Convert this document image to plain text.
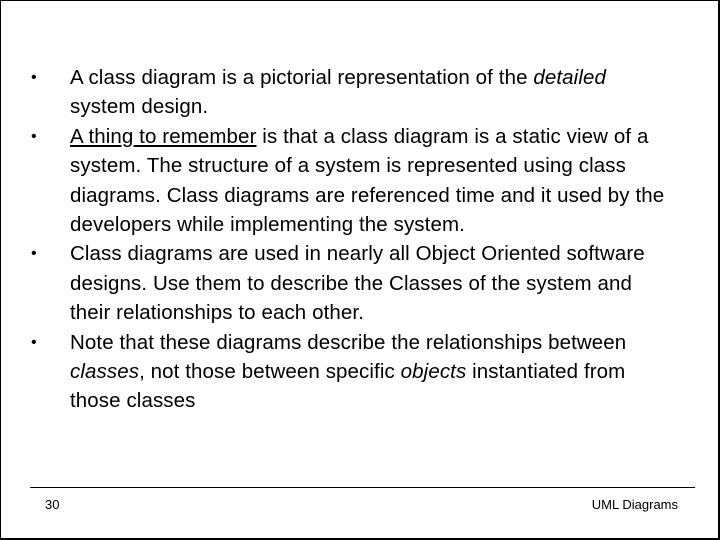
• A class diagram is a pictorial representation of the detailed system design.
• A thing to remember is that a class diagram is a static view of a system. The structure of a system is represented using class diagrams. Class diagrams are referenced time and it used by the developers while implementing the system.
• Class diagrams are used in nearly all Object Oriented software designs. Use them to describe the Classes of the system and their relationships to each other.
• Note that these diagrams describe the relationships between classes, not those between specific objects instantiated from those classes
30	UML Diagrams
